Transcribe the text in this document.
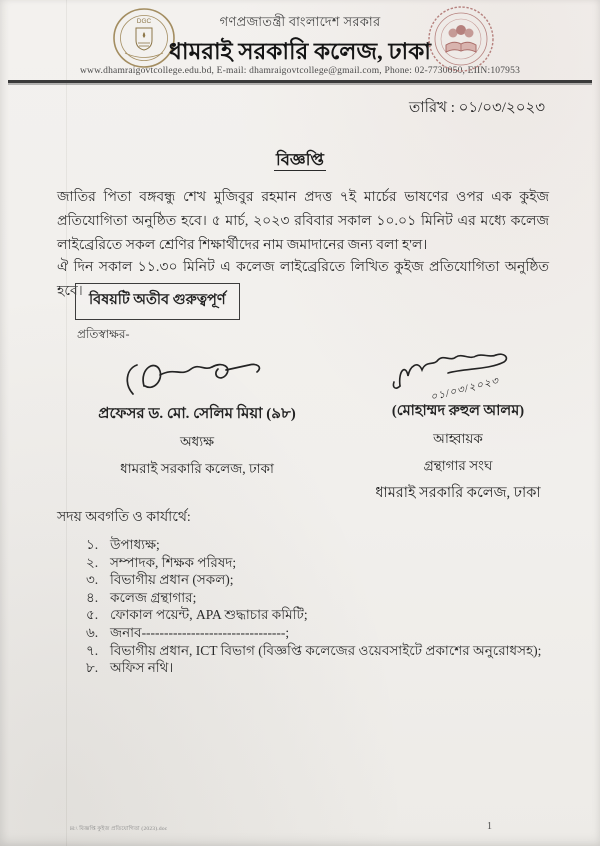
DGC	গণপ্রজাতন্ত্রী বাংলাদেশ সরকার
ধামরাই সরকারি কলেজ, ঢাকা
www.dhamraigovtcollege.edu.bd, E-mail: dhamraigovtcollege@gmail.com, Phone: 02-7730050, EIIN:107953
তারিখ : ০১/০৩/২০২৩
বিজ্ঞপ্তি

জাতির পিতা বঙ্গবন্ধু শেখ মুজিবুর রহমান প্রদত্ত ৭ই মার্চের ভাষণের ওপর এক কুইজ প্রতিযোগিতা অনুষ্ঠিত হবে। ৫ মার্চ, ২০২৩ রবিবার সকাল ১০.০১ মিনিট এর মধ্যে কলেজ লাইব্রেরিতে সকল শ্রেণির শিক্ষার্থীদের নাম জমাদানের জন্য বলা হ'ল।

ঐ দিন সকাল ১১.৩০ মিনিট এ কলেজ লাইব্রেরিতে লিখিত কুইজ প্রতিযোগিতা অনুষ্ঠিত হবে।

বিষয়টি অতীব গুরুত্বপূর্ণ
প্রতিস্বাক্ষর-
প্রফেসর ড. মো. সেলিম মিয়া (৯৮)
অধ্যক্ষ
ধামরাই সরকারি কলেজ, ঢাকা
০১/০৩/২০২৩
(মোহাম্মদ রুহুল আলম)
আহ্বায়ক
গ্রন্থাগার সংঘ
ধামরাই সরকারি কলেজ, ঢাকা
সদয় অবগতি ও কার্যার্থে:
১. উপাধ্যক্ষ;
২. সম্পাদক, শিক্ষক পরিষদ;
৩. বিভাগীয় প্রধান (সকল);
৪. কলেজ গ্রন্থাগার;
৫. ফোকাল পয়েন্ট, APA শুদ্ধাচার কমিটি;
৬. জনাব--------------------------------;
৭. বিভাগীয় প্রধান, ICT বিভাগ (বিজ্ঞপ্তি কলেজের ওয়েবসাইটে প্রকাশের অনুরোধসহ);
৮. অফিস নথি।
H:\ বিজ্ঞপ্তি কুইজ প্রতিযোগিতা (2023).doc	1
